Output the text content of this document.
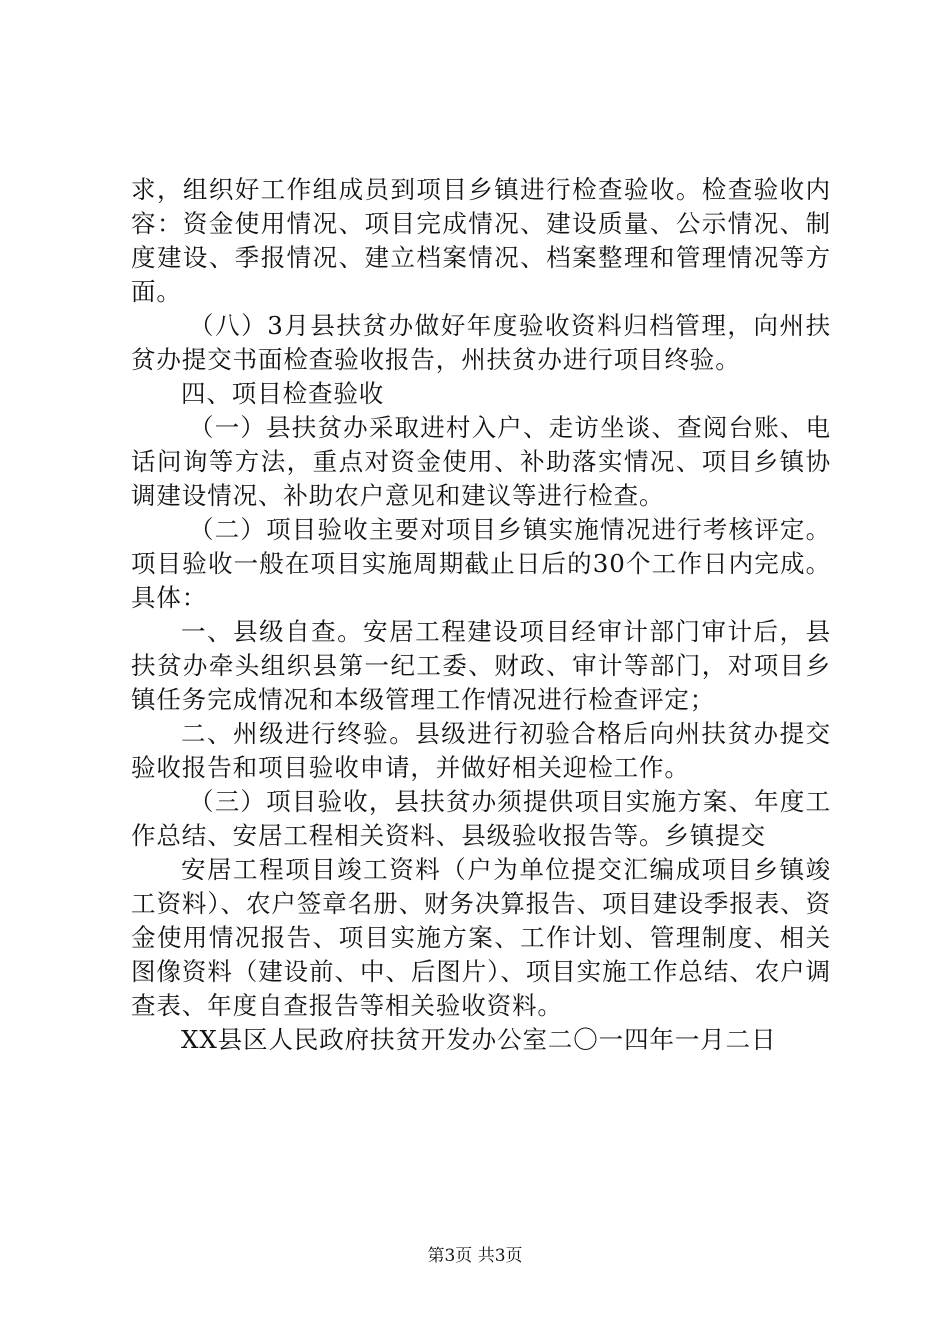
求，组织好工作组成员到项目乡镇进行检查验收。检查验收内容：资金使用情况、项目完成情况、建设质量、公示情况、制度建设、季报情况、建立档案情况、档案整理和管理情况等方面。

（八）3月县扶贫办做好年度验收资料归档管理，向州扶贫办提交书面检查验收报告，州扶贫办进行项目终验。

四、项目检查验收

（一）县扶贫办采取进村入户、走访坐谈、查阅台账、电话问询等方法，重点对资金使用、补助落实情况、项目乡镇协调建设情况、补助农户意见和建议等进行检查。

（二）项目验收主要对项目乡镇实施情况进行考核评定。项目验收一般在项目实施周期截止日后的30个工作日内完成。具体：

一、县级自查。安居工程建设项目经审计部门审计后，县扶贫办牵头组织县第一纪工委、财政、审计等部门，对项目乡镇任务完成情况和本级管理工作情况进行检查评定；

二、州级进行终验。县级进行初验合格后向州扶贫办提交验收报告和项目验收申请，并做好相关迎检工作。

（三）项目验收，县扶贫办须提供项目实施方案、年度工作总结、安居工程相关资料、县级验收报告等。乡镇提交

安居工程项目竣工资料（户为单位提交汇编成项目乡镇竣工资料）、农户签章名册、财务决算报告、项目建设季报表、资金使用情况报告、项目实施方案、工作计划、管理制度、相关图像资料（建设前、中、后图片）、项目实施工作总结、农户调查表、年度自查报告等相关验收资料。

XX县区人民政府扶贫开发办公室二〇一四年一月二日

第3页 共3页
